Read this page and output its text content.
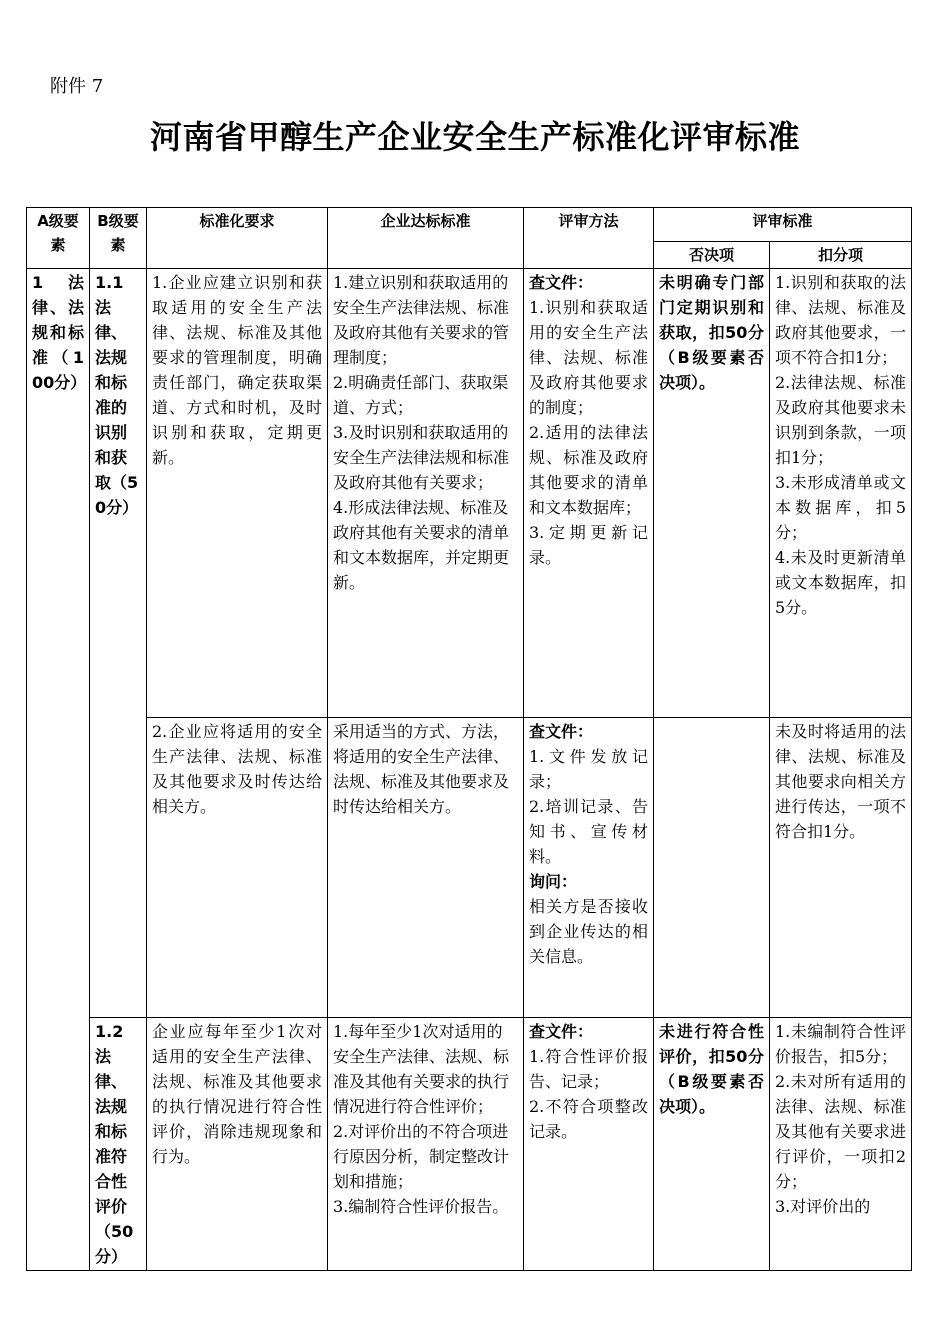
附件 7
河南省甲醇生产企业安全生产标准化评审标准
A级要素	B级要素	标准化要求	企业达标标准	评审方法	评审标准	
					否决项	扣分项
1 法律、法规和标准（100分）	1.1 法律、法规和标准的识别和获取（50分）	1.企业应建立识别和获取适用的安全生产法律、法规、标准及其他要求的管理制度，明确责任部门，确定获取渠道、方式和时机，及时识别和获取，定期更新。	1.建立识别和获取适用的安全生产法律法规、标准及政府其他有关要求的管理制度；
2.明确责任部门、获取渠道、方式；
3.及时识别和获取适用的安全生产法律法规和标准及政府其他有关要求；
4.形成法律法规、标准及政府其他有关要求的清单和文本数据库，并定期更新。	查文件：
1.识别和获取适用的安全生产法律、法规、标准及政府其他要求的制度；
2.适用的法律法规、标准及政府其他要求的清单和文本数据库；
3.定期更新记录。	未明确专门部门定期识别和获取，扣50分（B级要素否决项）。	1.识别和获取的法律、法规、标准及政府其他要求，一项不符合扣1分；
2.法律法规、标准及政府其他要求未识别到条款，一项扣1分；
3.未形成清单或文本数据库，扣5分；
4.未及时更新清单或文本数据库，扣5分。
		2.企业应将适用的安全生产法律、法规、标准及其他要求及时传达给相关方。	采用适当的方式、方法，将适用的安全生产法律、法规、标准及其他要求及时传达给相关方。	查文件：
1.文件发放记录；
2.培训记录、告知书、宣传材料。
询问：
相关方是否接收到企业传达的相关信息。		未及时将适用的法律、法规、标准及其他要求向相关方进行传达，一项不符合扣1分。
	1.2 法律、法规和标准符合性评价（50分）	企业应每年至少1次对适用的安全生产法律、法规、标准及其他要求的执行情况进行符合性评价，消除违规现象和行为。	1.每年至少1次对适用的安全生产法律、法规、标准及其他有关要求的执行情况进行符合性评价；
2.对评价出的不符合项进行原因分析，制定整改计划和措施；
3.编制符合性评价报告。	查文件：
1.符合性评价报告、记录；
2.不符合项整改记录。	未进行符合性评价，扣50分（B级要素否决项）。	1.未编制符合性评价报告，扣5分；
2.未对所有适用的法律、法规、标准及其他有关要求进行评价，一项扣2分；
3.对评价出的
